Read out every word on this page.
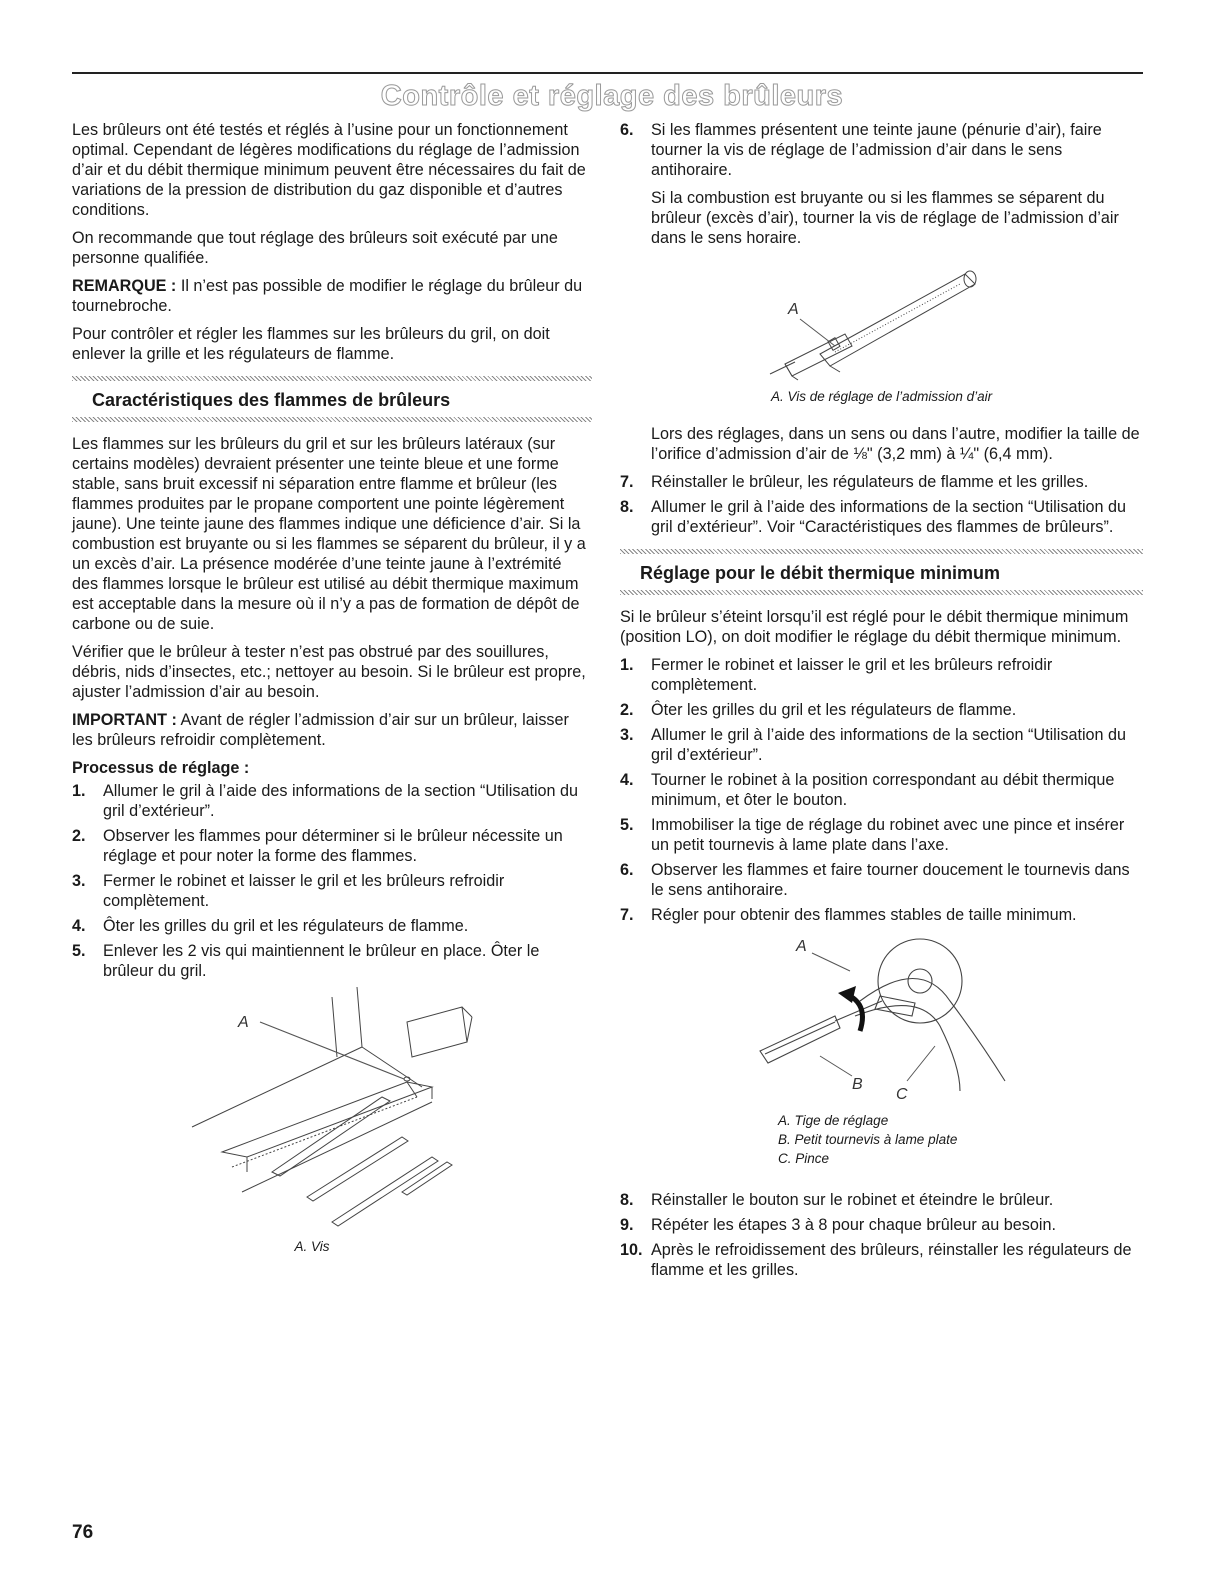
Contrôle et réglage des brûleurs

Les brûleurs ont été testés et réglés à l’usine pour un fonctionnement optimal. Cependant de légères modifications du réglage de l’admission d’air et du débit thermique minimum peuvent être nécessaires du fait de variations de la pression de distribution du gaz disponible et d’autres conditions.

On recommande que tout réglage des brûleurs soit exécuté par une personne qualifiée.

REMARQUE : Il n’est pas possible de modifier le réglage du brûleur du tournebroche.

Pour contrôler et régler les flammes sur les brûleurs du gril, on doit enlever la grille et les régulateurs de flamme.

Caractéristiques des flammes de brûleurs

Les flammes sur les brûleurs du gril et sur les brûleurs latéraux (sur certains modèles) devraient présenter une teinte bleue et une forme stable, sans bruit excessif ni séparation entre flamme et brûleur (les flammes produites par le propane comportent une pointe légèrement jaune). Une teinte jaune des flammes indique une déficience d’air. Si la combustion est bruyante ou si les flammes se séparent du brûleur, il y a un excès d’air. La présence modérée d’une teinte jaune à l’extrémité des flammes lorsque le brûleur est utilisé au débit thermique maximum est acceptable dans la mesure où il n’y a pas de formation de dépôt de carbone ou de suie.

Vérifier que le brûleur à tester n’est pas obstrué par des souillures, débris, nids d’insectes, etc.; nettoyer au besoin. Si le brûleur est propre, ajuster l’admission d’air au besoin.

IMPORTANT : Avant de régler l’admission d’air sur un brûleur, laisser les brûleurs refroidir complètement.

Processus de réglage :
1.	Allumer le gril à l’aide des informations de la section “Utilisation du gril d’extérieur”.
2.	Observer les flammes pour déterminer si le brûleur nécessite un réglage et pour noter la forme des flammes.
3.	Fermer le robinet et laisser le gril et les brûleurs refroidir complètement.
4.	Ôter les grilles du gril et les régulateurs de flamme.
5.	Enlever les 2 vis qui maintiennent le brûleur en place. Ôter le brûleur du gril.
A
A. Vis
6.	Si les flammes présentent une teinte jaune (pénurie d’air), faire tourner la vis de réglage de l’admission d’air dans le sens antihoraire.
Si la combustion est bruyante ou si les flammes se séparent du brûleur (excès d’air), tourner la vis de réglage de l’admission d’air dans le sens horaire.
A
A. Vis de réglage de l’admission d’air

Lors des réglages, dans un sens ou dans l’autre, modifier la taille de l’orifice d’admission d’air de ⅛" (3,2 mm) à ¼" (6,4 mm).

7.	Réinstaller le brûleur, les régulateurs de flamme et les grilles.
8.	Allumer le gril à l’aide des informations de la section “Utilisation du gril d’extérieur”. Voir “Caractéristiques des flammes de brûleurs”.
Réglage pour le débit thermique minimum

Si le brûleur s’éteint lorsqu’il est réglé pour le débit thermique minimum (position LO), on doit modifier le réglage du débit thermique minimum.

1.	Fermer le robinet et laisser le gril et les brûleurs refroidir complètement.
2.	Ôter les grilles du gril et les régulateurs de flamme.
3.	Allumer le gril à l’aide des informations de la section “Utilisation du gril d’extérieur”.
4.	Tourner le robinet à la position correspondant au débit thermique minimum, et ôter le bouton.
5.	Immobiliser la tige de réglage du robinet avec une pince et insérer un petit tournevis à lame plate dans l’axe.
6.	Observer les flammes et faire tourner doucement le tournevis dans le sens antihoraire.
7.	Régler pour obtenir des flammes stables de taille minimum.
A
B
C
A. Tige de réglage
B. Petit tournevis à lame plate
C. Pince
8.	Réinstaller le bouton sur le robinet et éteindre le brûleur.
9.	Répéter les étapes 3 à 8 pour chaque brûleur au besoin.
10. Après le refroidissement des brûleurs, réinstaller les régulateurs de flamme et les grilles.
76
